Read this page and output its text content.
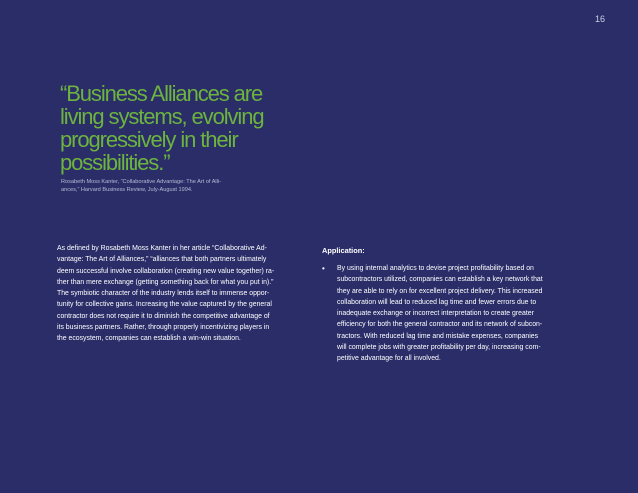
16
“Business Alliances are
living systems, evolving
progressively in their
possibilities.”

Rosabeth Moss Kanter, “Collaborative Advantage: The Art of Alli-
ances,” Harvard Business Review, July-August 1994.

As defined by Rosabeth Moss Kanter in her article “Collaborative Ad-
vantage: The Art of Alliances,” “alliances that both partners ultimately
deem successful involve collaboration (creating new value together) ra-
ther than mere exchange (getting something back for what you put in).”
The symbiotic character of the industry lends itself to immense oppor-
tunity for collective gains. Increasing the value captured by the general
contractor does not require it to diminish the competitive advantage of
its business partners. Rather, through properly incentivizing players in
the ecosystem, companies can establish a win-win situation.

Application:
• By using internal analytics to devise project profitability based on
subcontractors utilized, companies can establish a key network that
they are able to rely on for excellent project delivery. This increased
collaboration will lead to reduced lag time and fewer errors due to
inadequate exchange or incorrect interpretation to create greater
efficiency for both the general contractor and its network of subcon-
tractors. With reduced lag time and mistake expenses, companies
will complete jobs with greater profitability per day, increasing com-
petitive advantage for all involved.
